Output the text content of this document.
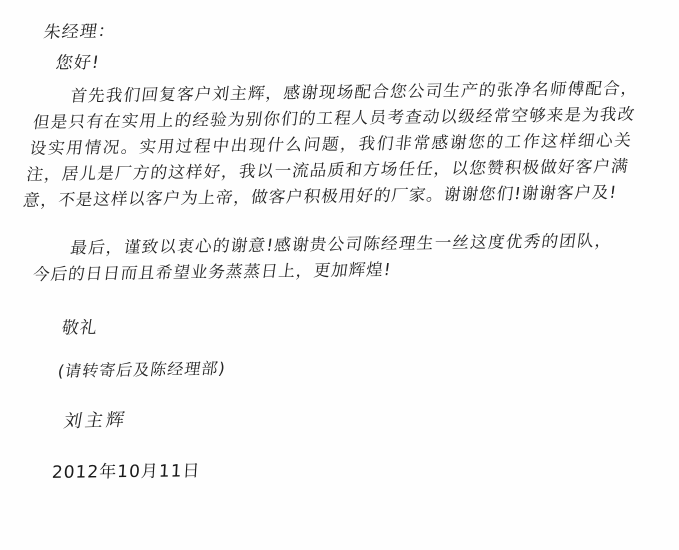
朱经理：

您好!

首先我们回复客户刘主辉，感谢现场配合您公司生产的张净名师傅配合，但是只有在实用上的经验为别你们的工程人员考查动以级经常空够来是为我改设实用情况。实用过程中出现什么问题，我们非常感谢您的工作这样细心关注，居儿是厂方的这样好，我以一流品质和方场任任，以您赞积极做好客户满意，不是这样以客户为上帝，做客户积极用好的厂家。谢谢您们!谢谢客户及!

最后，谨致以衷心的谢意!感谢贵公司陈经理生一丝这度优秀的团队，今后的日日而且希望业务蒸蒸日上，更加辉煌!

敬礼

(请转寄后及陈经理部)

刘主辉

2012年10月11日
